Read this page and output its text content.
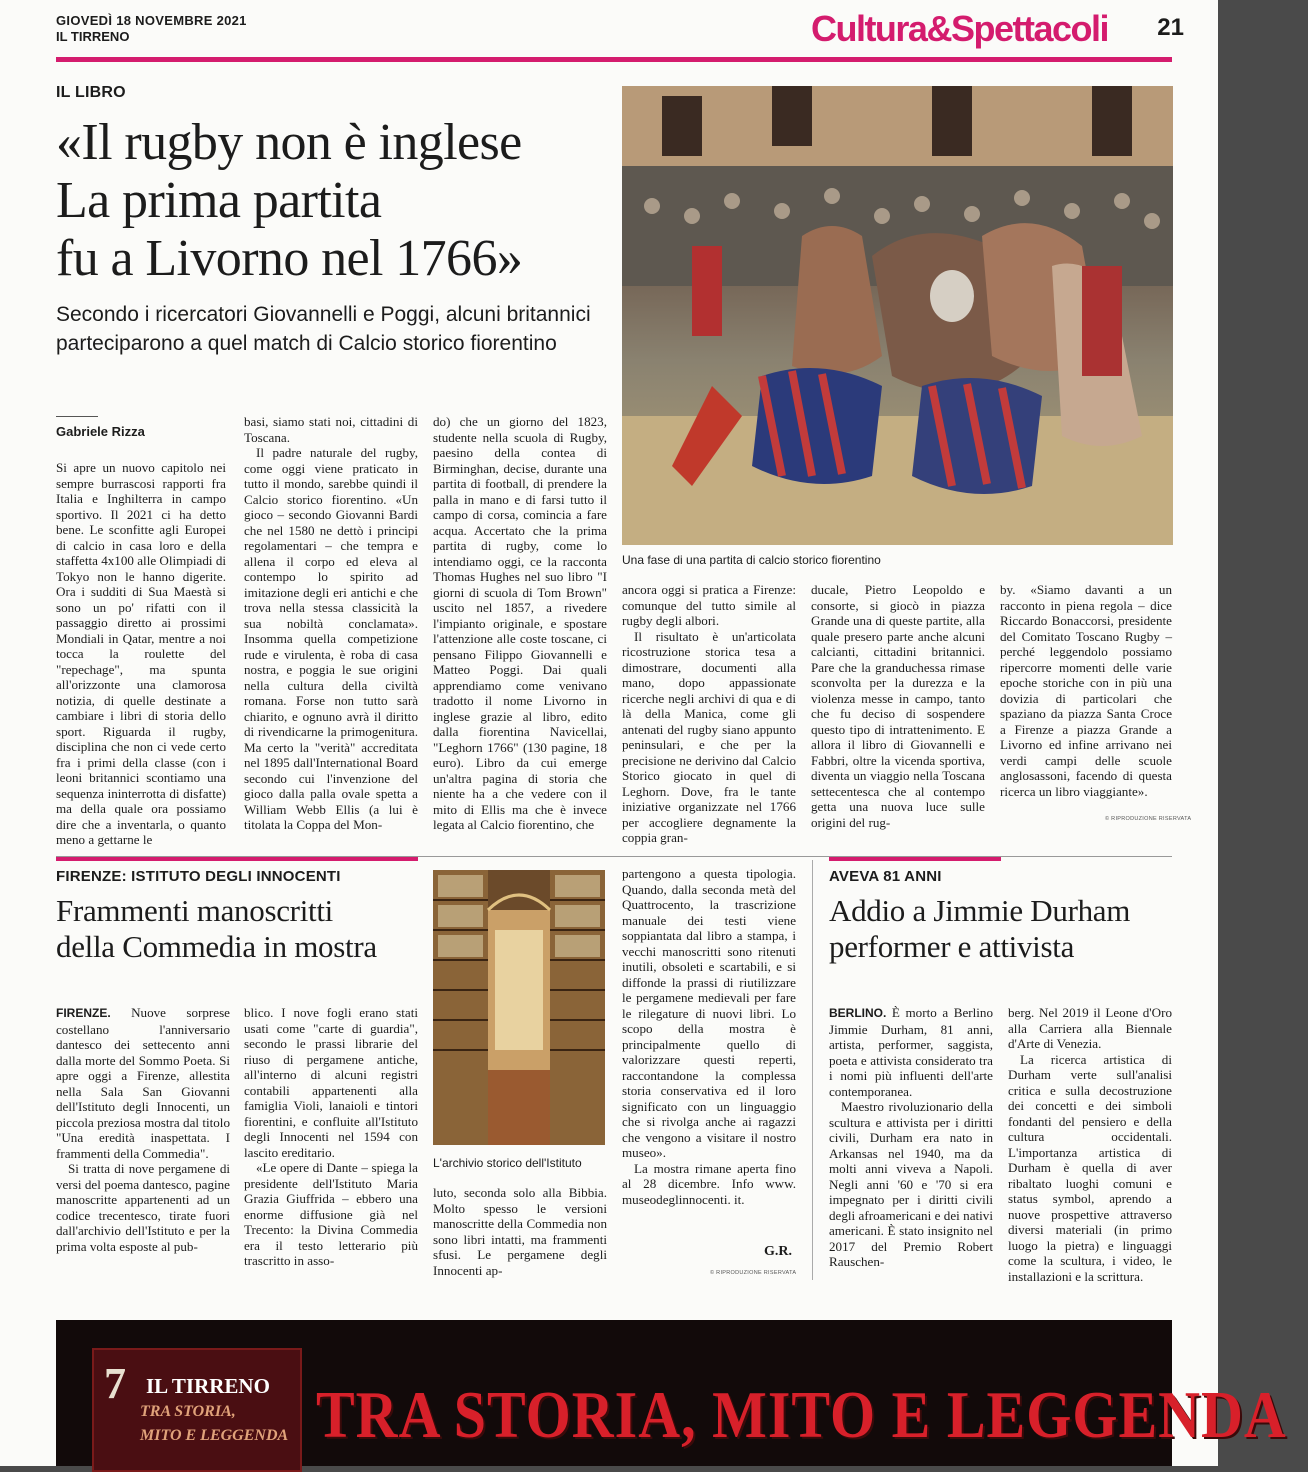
GIOVEDÌ 18 NOVEMBRE 2021
IL TIRRENO	Cultura&Spettacoli 21
IL LIBRO
«Il rugby non è inglese
La prima partita
fu a Livorno nel 1766»
Secondo i ricercatori Giovannelli e Poggi, alcuni britannici parteciparono a quel match di Calcio storico fiorentino
Una fase di una partita di calcio storico fiorentino
Gabriele Rizza

Si apre un nuovo capitolo nei sempre burrascosi rapporti fra Italia e Inghilterra in campo sportivo. Il 2021 ci ha detto bene. Le sconfitte agli Europei di calcio in casa loro e della staffetta 4x100 alle Olimpiadi di Tokyo non le hanno digerite. Ora i sudditi di Sua Maestà si sono un po' rifatti con il passaggio diretto ai prossimi Mondiali in Qatar, mentre a noi tocca la roulette del "repechage", ma spunta all'orizzonte una clamorosa notizia, di quelle destinate a cambiare i libri di storia dello sport. Riguarda il rugby, disciplina che non ci vede certo fra i primi della classe (con i leoni britannici scontiamo una sequenza ininterrotta di disfatte) ma della quale ora possiamo dire che a inventarla, o quanto meno a gettarne le

basi, siamo stati noi, cittadini di Toscana.

Il padre naturale del rugby, come oggi viene praticato in tutto il mondo, sarebbe quindi il Calcio storico fiorentino. «Un gioco – secondo Giovanni Bardi che nel 1580 ne dettò i principi regolamentari – che tempra e allena il corpo ed eleva al contempo lo spirito ad imitazione degli eri antichi e che trova nella stessa classicità la sua nobiltà conclamata». Insomma quella competizione rude e virulenta, è roba di casa nostra, e poggia le sue origini nella cultura della civiltà romana. Forse non tutto sarà chiarito, e ognuno avrà il diritto di rivendicarne la primogenitura. Ma certo la "verità" accreditata nel 1895 dall'International Board secondo cui l'invenzione del gioco dalla palla ovale spetta a William Webb Ellis (a lui è titolata la Coppa del Mon-

do) che un giorno del 1823, studente nella scuola di Rugby, paesino della contea di Birminghan, decise, durante una partita di football, di prendere la palla in mano e di farsi tutto il campo di corsa, comincia a fare acqua. Accertato che la prima partita di rugby, come lo intendiamo oggi, ce la racconta Thomas Hughes nel suo libro "I giorni di scuola di Tom Brown" uscito nel 1857, a rivedere l'impianto originale, e spostare l'attenzione alle coste toscane, ci pensano Filippo Giovannelli e Matteo Poggi. Dai quali apprendiamo come venivano tradotto il nome Livorno in inglese grazie al libro, edito dalla fiorentina Navicellai, "Leghorn 1766" (130 pagine, 18 euro). Libro da cui emerge un'altra pagina di storia che niente ha a che vedere con il mito di Ellis ma che è invece legata al Calcio fiorentino, che

ancora oggi si pratica a Firenze: comunque del tutto simile al rugby degli albori.

Il risultato è un'articolata ricostruzione storica tesa a dimostrare, documenti alla mano, dopo appassionate ricerche negli archivi di qua e di là della Manica, come gli antenati del rugby siano appunto peninsulari, e che per la precisione ne derivino dal Calcio Storico giocato in quel di Leghorn. Dove, fra le tante iniziative organizzate nel 1766 per accogliere degnamente la coppia gran-

ducale, Pietro Leopoldo e consorte, si giocò in piazza Grande una di queste partite, alla quale presero parte anche alcuni calcianti, cittadini britannici. Pare che la granduchessa rimase sconvolta per la durezza e la violenza messe in campo, tanto che fu deciso di sospendere questo tipo di intrattenimento. E allora il libro di Giovannelli e Fabbri, oltre la vicenda sportiva, diventa un viaggio nella Toscana settecentesca che al contempo getta una nuova luce sulle origini del rug-

by. «Siamo davanti a un racconto in piena regola – dice Riccardo Bonaccorsi, presidente del Comitato Toscano Rugby – perché leggendolo possiamo ripercorre momenti delle varie epoche storiche con in più una dovizia di particolari che spaziano da piazza Santa Croce a Firenze a piazza Grande a Livorno ed infine arrivano nei verdi campi delle scuole anglosassoni, facendo di questa ricerca un libro viaggiante».

© RIPRODUZIONE RISERVATA
FIRENZE: ISTITUTO DEGLI INNOCENTI
Frammenti manoscritti
della Commedia in mostra

FIRENZE. Nuove sorprese costellano l'anniversario dantesco dei settecento anni dalla morte del Sommo Poeta. Si apre oggi a Firenze, allestita nella Sala San Giovanni dell'Istituto degli Innocenti, un piccola preziosa mostra dal titolo "Una eredità inaspettata. I frammenti della Commedia".

Si tratta di nove pergamene di versi del poema dantesco, pagine manoscritte appartenenti ad un codice trecentesco, tirate fuori dall'archivio dell'Istituto e per la prima volta esposte al pub-

blico. I nove fogli erano stati usati come "carte di guardia", secondo le prassi librarie del riuso di pergamene antiche, all'interno di alcuni registri contabili appartenenti alla famiglia Violi, lanaioli e tintori fiorentini, e confluite all'Istituto degli Innocenti nel 1594 con lascito ereditario.

«Le opere di Dante – spiega la presidente dell'Istituto Maria Grazia Giuffrida – ebbero una enorme diffusione già nel Trecento: la Divina Commedia era il testo letterario più trascritto in asso-

L'archivio storico dell'Istituto

luto, seconda solo alla Bibbia. Molto spesso le versioni manoscritte della Commedia non sono libri intatti, ma frammenti sfusi. Le pergamene degli Innocenti ap-

partengono a questa tipologia. Quando, dalla seconda metà del Quattrocento, la trascrizione manuale dei testi viene soppiantata dal libro a stampa, i vecchi manoscritti sono ritenuti inutili, obsoleti e scartabili, e si diffonde la prassi di riutilizzare le pergamene medievali per fare le rilegature di nuovi libri. Lo scopo della mostra è principalmente quello di valorizzare questi reperti, raccontandone la complessa storia conservativa ed il loro significato con un linguaggio che si rivolga anche ai ragazzi che vengono a visitare il nostro museo».

La mostra rimane aperta fino al 28 dicembre. Info www. museodeglinnocenti. it.

G.R.
© RIPRODUZIONE RISERVATA
AVEVA 81 ANNI
Addio a Jimmie Durham
performer e attivista

BERLINO. È morto a Berlino Jimmie Durham, 81 anni, artista, performer, saggista, poeta e attivista considerato tra i nomi più influenti dell'arte contemporanea.

Maestro rivoluzionario della scultura e attivista per i diritti civili, Durham era nato in Arkansas nel 1940, ma da molti anni viveva a Napoli. Negli anni '60 e '70 si era impegnato per i diritti civili degli afroamericani e dei nativi americani. È stato insignito nel 2017 del Premio Robert Rauschen-

berg. Nel 2019 il Leone d'Oro alla Carriera alla Biennale d'Arte di Venezia.

La ricerca artistica di Durham verte sull'analisi critica e sulla decostruzione dei concetti e dei simboli fondanti del pensiero e della cultura occidentali. L'importanza artistica di Durham è quella di aver ribaltato luoghi comuni e status symbol, aprendo a nuove prospettive attraverso diversi materiali (in primo luogo la pietra) e linguaggi come la scultura, i video, le installazioni e la scrittura.

7 IL TIRRENO
TRA STORIA,
MITO E LEGGENDA TRA STORIA, MITO E LEGGENDA
